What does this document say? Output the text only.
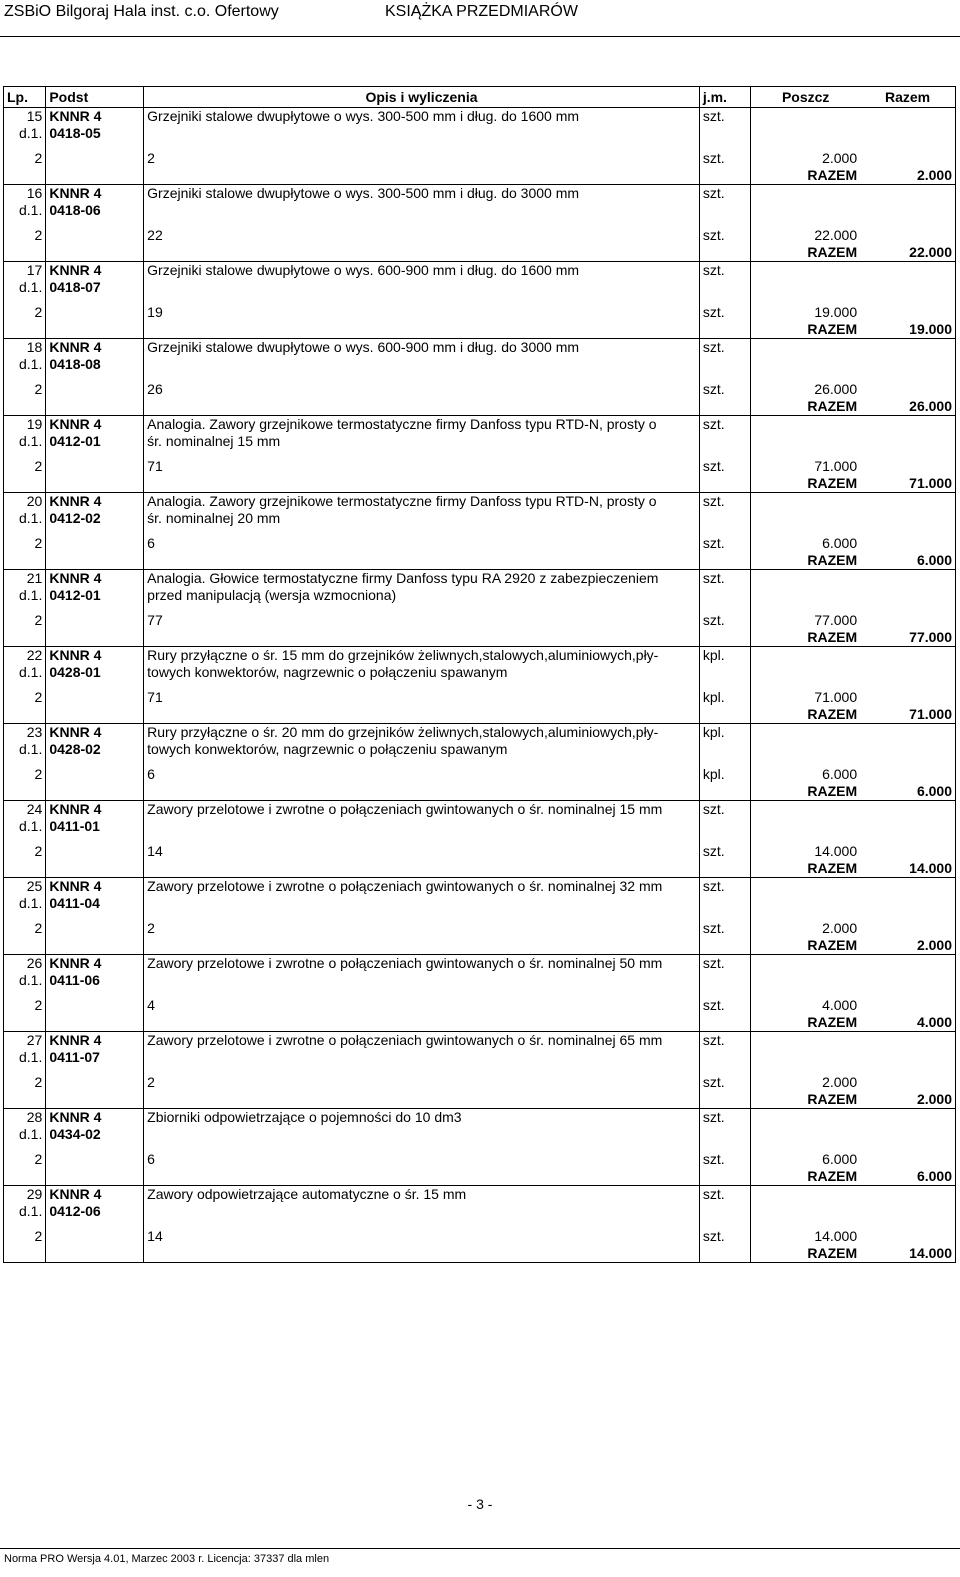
ZSBiO Bilgoraj Hala inst. c.o. Ofertowy	KSIĄŻKA PRZEDMIARÓW
Lp.	Podst	Opis i wyliczenia	j.m.	Poszcz	Razem
15	KNNR 4	Grzejniki stalowe dwupłytowe o wys. 300-500 mm i dług. do 1600 mm	szt.		
d.1.	0418-05				

2		2	szt.	2.000	
				RAZEM	2.000
16	KNNR 4	Grzejniki stalowe dwupłytowe o wys. 300-500 mm i dług. do 3000 mm	szt.		
d.1.	0418-06				

2		22	szt.	22.000	
				RAZEM	22.000
17	KNNR 4	Grzejniki stalowe dwupłytowe o wys. 600-900 mm i dług. do 1600 mm	szt.		
d.1.	0418-07				

2		19	szt.	19.000	
				RAZEM	19.000
18	KNNR 4	Grzejniki stalowe dwupłytowe o wys. 600-900 mm i dług. do 3000 mm	szt.		
d.1.	0418-08				

2		26	szt.	26.000	
				RAZEM	26.000
19	KNNR 4	Analogia. Zawory grzejnikowe termostatyczne firmy Danfoss typu RTD-N, prosty o	szt.		
d.1.	0412-01	śr. nominalnej 15 mm			

2		71	szt.	71.000	
				RAZEM	71.000
20	KNNR 4	Analogia. Zawory grzejnikowe termostatyczne firmy Danfoss typu RTD-N, prosty o	szt.		
d.1.	0412-02	śr. nominalnej 20 mm			

2		6	szt.	6.000	
				RAZEM	6.000
21	KNNR 4	Analogia. Głowice termostatyczne firmy Danfoss typu RA 2920 z zabezpieczeniem	szt.		
d.1.	0412-01	przed manipulacją (wersja wzmocniona)			

2		77	szt.	77.000	
				RAZEM	77.000
22	KNNR 4	Rury przyłączne o śr. 15 mm do grzejników żeliwnych,stalowych,aluminiowych,pły-	kpl.		
d.1.	0428-01	towych konwektorów, nagrzewnic o połączeniu spawanym			

2		71	kpl.	71.000	
				RAZEM	71.000
23	KNNR 4	Rury przyłączne o śr. 20 mm do grzejników żeliwnych,stalowych,aluminiowych,pły-	kpl.		
d.1.	0428-02	towych konwektorów, nagrzewnic o połączeniu spawanym			

2		6	kpl.	6.000	
				RAZEM	6.000
24	KNNR 4	Zawory przelotowe i zwrotne o połączeniach gwintowanych o śr. nominalnej 15 mm	szt.		
d.1.	0411-01				

2		14	szt.	14.000	
				RAZEM	14.000
25	KNNR 4	Zawory przelotowe i zwrotne o połączeniach gwintowanych o śr. nominalnej 32 mm	szt.		
d.1.	0411-04				

2		2	szt.	2.000	
				RAZEM	2.000
26	KNNR 4	Zawory przelotowe i zwrotne o połączeniach gwintowanych o śr. nominalnej 50 mm	szt.		
d.1.	0411-06				

2		4	szt.	4.000	
				RAZEM	4.000
27	KNNR 4	Zawory przelotowe i zwrotne o połączeniach gwintowanych o śr. nominalnej 65 mm	szt.		
d.1.	0411-07				

2		2	szt.	2.000	
				RAZEM	2.000
28	KNNR 4	Zbiorniki odpowietrzające o pojemności do 10 dm3	szt.		
d.1.	0434-02				

2		6	szt.	6.000	
				RAZEM	6.000
29	KNNR 4	Zawory odpowietrzające automatyczne o śr. 15 mm	szt.		
d.1.	0412-06				

2		14	szt.	14.000	
				RAZEM	14.000
- 3 -
Norma PRO Wersja 4.01, Marzec 2003 r. Licencja: 37337 dla mlen
